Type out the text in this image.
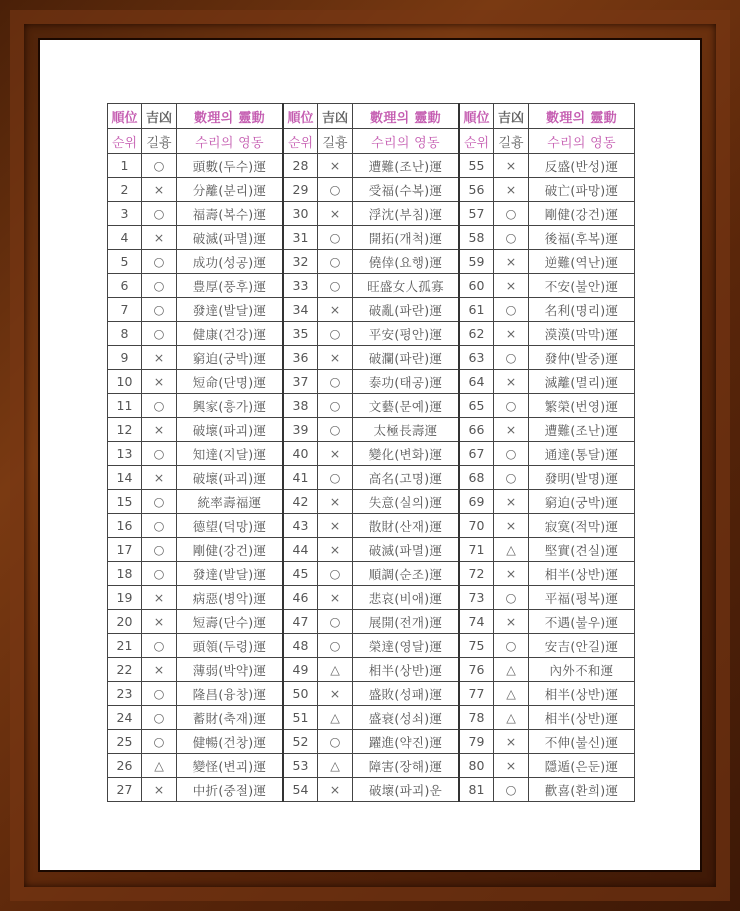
順位	吉凶	數理의 靈動	順位	吉凶	數理의 靈動	順位	吉凶	數理의 靈動
순위	길흉	수리의 영동	순위	길흉	수리의 영동	순위	길흉	수리의 영동
1	○	頭數(두수)運	28	×	遭難(조난)運	55	×	反盛(반성)運
2	×	分離(분리)運	29	○	受福(수복)運	56	×	破亡(파망)運
3	○	福壽(복수)運	30	×	浮沈(부침)運	57	○	剛健(강건)運
4	×	破滅(파멸)運	31	○	開拓(개척)運	58	○	後福(후복)運
5	○	成功(성공)運	32	○	僥倖(요행)運	59	×	逆難(역난)運
6	○	豊厚(풍후)運	33	○	旺盛女人孤寡	60	×	不安(불안)運
7	○	發達(발달)運	34	×	破亂(파란)運	61	○	名利(명리)運
8	○	健康(건강)運	35	○	平安(평안)運	62	×	漠漠(막막)運
9	×	窮迫(궁박)運	36	×	破瀾(파란)運	63	○	發仲(발중)運
10	×	短命(단명)運	37	○	泰功(태공)運	64	×	滅離(멸리)運
11	○	興家(흥가)運	38	○	文藝(문예)運	65	○	繁榮(번영)運
12	×	破壞(파괴)運	39	○	太極長壽運	66	×	遭難(조난)運
13	○	知達(지달)運	40	×	變化(변화)運	67	○	通達(통달)運
14	×	破壞(파괴)運	41	○	高名(고명)運	68	○	發明(발명)運
15	○	統率壽福運	42	×	失意(실의)運	69	×	窮迫(궁박)運
16	○	德望(덕망)運	43	×	散財(산재)運	70	×	寂寞(적막)運
17	○	剛健(강건)運	44	×	破滅(파멸)運	71	△	堅實(견실)運
18	○	發達(발달)運	45	○	順調(순조)運	72	×	相半(상반)運
19	×	病惡(병악)運	46	×	悲哀(비애)運	73	○	平福(평복)運
20	×	短壽(단수)運	47	○	展開(전개)運	74	×	不遇(불우)運
21	○	頭領(두령)運	48	○	榮達(영달)運	75	○	安吉(안길)運
22	×	薄弱(박약)運	49	△	相半(상반)運	76	△	內外不和運
23	○	隆昌(융창)運	50	×	盛敗(성패)運	77	△	相半(상반)運
24	○	蓄財(축재)運	51	△	盛衰(성쇠)運	78	△	相半(상반)運
25	○	健暢(건창)運	52	○	躍進(약진)運	79	×	不伸(불신)運
26	△	變怪(변괴)運	53	△	障害(장해)運	80	×	隱遁(은둔)運
27	×	中折(중절)運	54	×	破壞(파괴)운	81	○	歡喜(환희)運
